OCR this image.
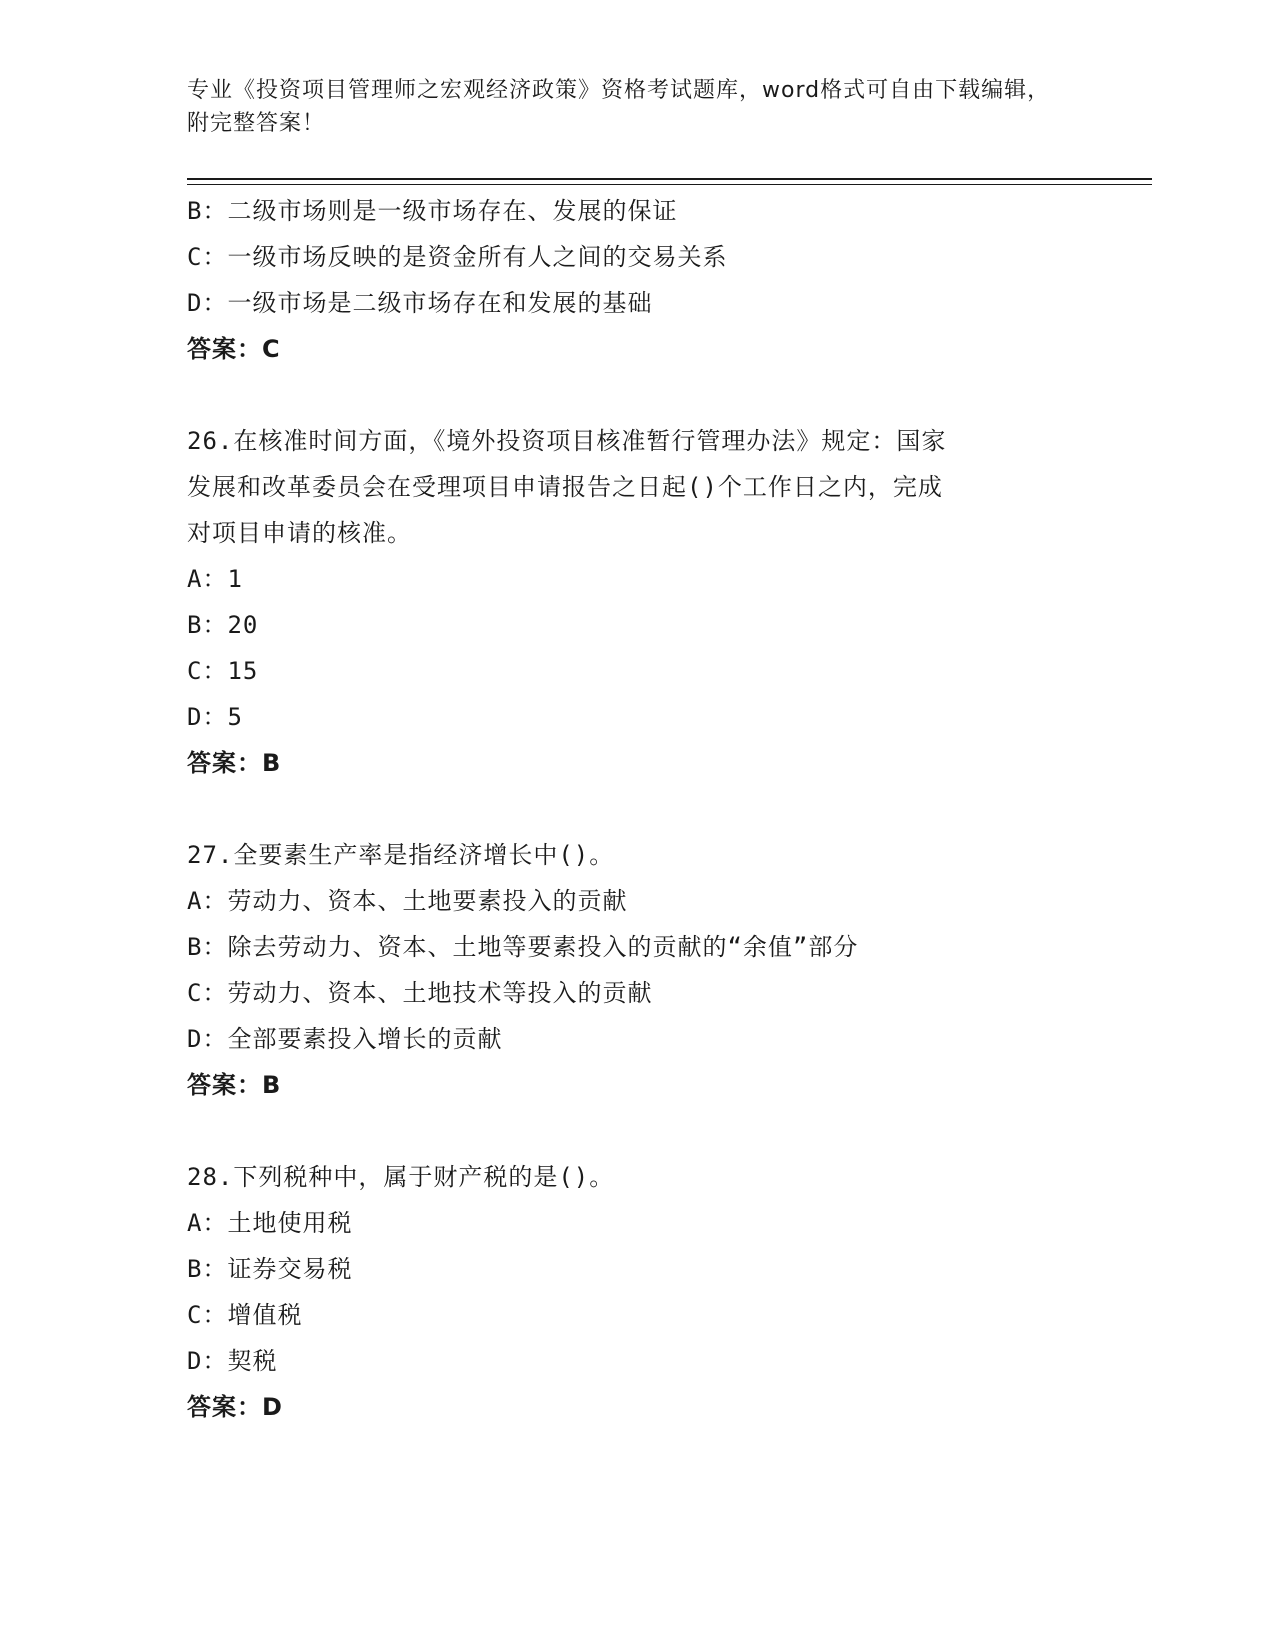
专业《投资项目管理师之宏观经济政策》资格考试题库，word格式可自由下载编辑，附完整答案！
B：二级市场则是一级市场存在、发展的保证
C：一级市场反映的是资金所有人之间的交易关系
D：一级市场是二级市场存在和发展的基础
答案：C
26.在核准时间方面，《境外投资项目核准暂行管理办法》规定：国家
发展和改革委员会在受理项目申请报告之日起()个工作日之内，完成
对项目申请的核准。
A：1
B：20
C：15
D：5
答案：B
27.全要素生产率是指经济增长中()。
A：劳动力、资本、土地要素投入的贡献
B：除去劳动力、资本、土地等要素投入的贡献的“余值”部分
C：劳动力、资本、土地技术等投入的贡献
D：全部要素投入增长的贡献
答案：B
28.下列税种中，属于财产税的是()。
A：土地使用税
B：证券交易税
C：增值税
D：契税
答案：D
